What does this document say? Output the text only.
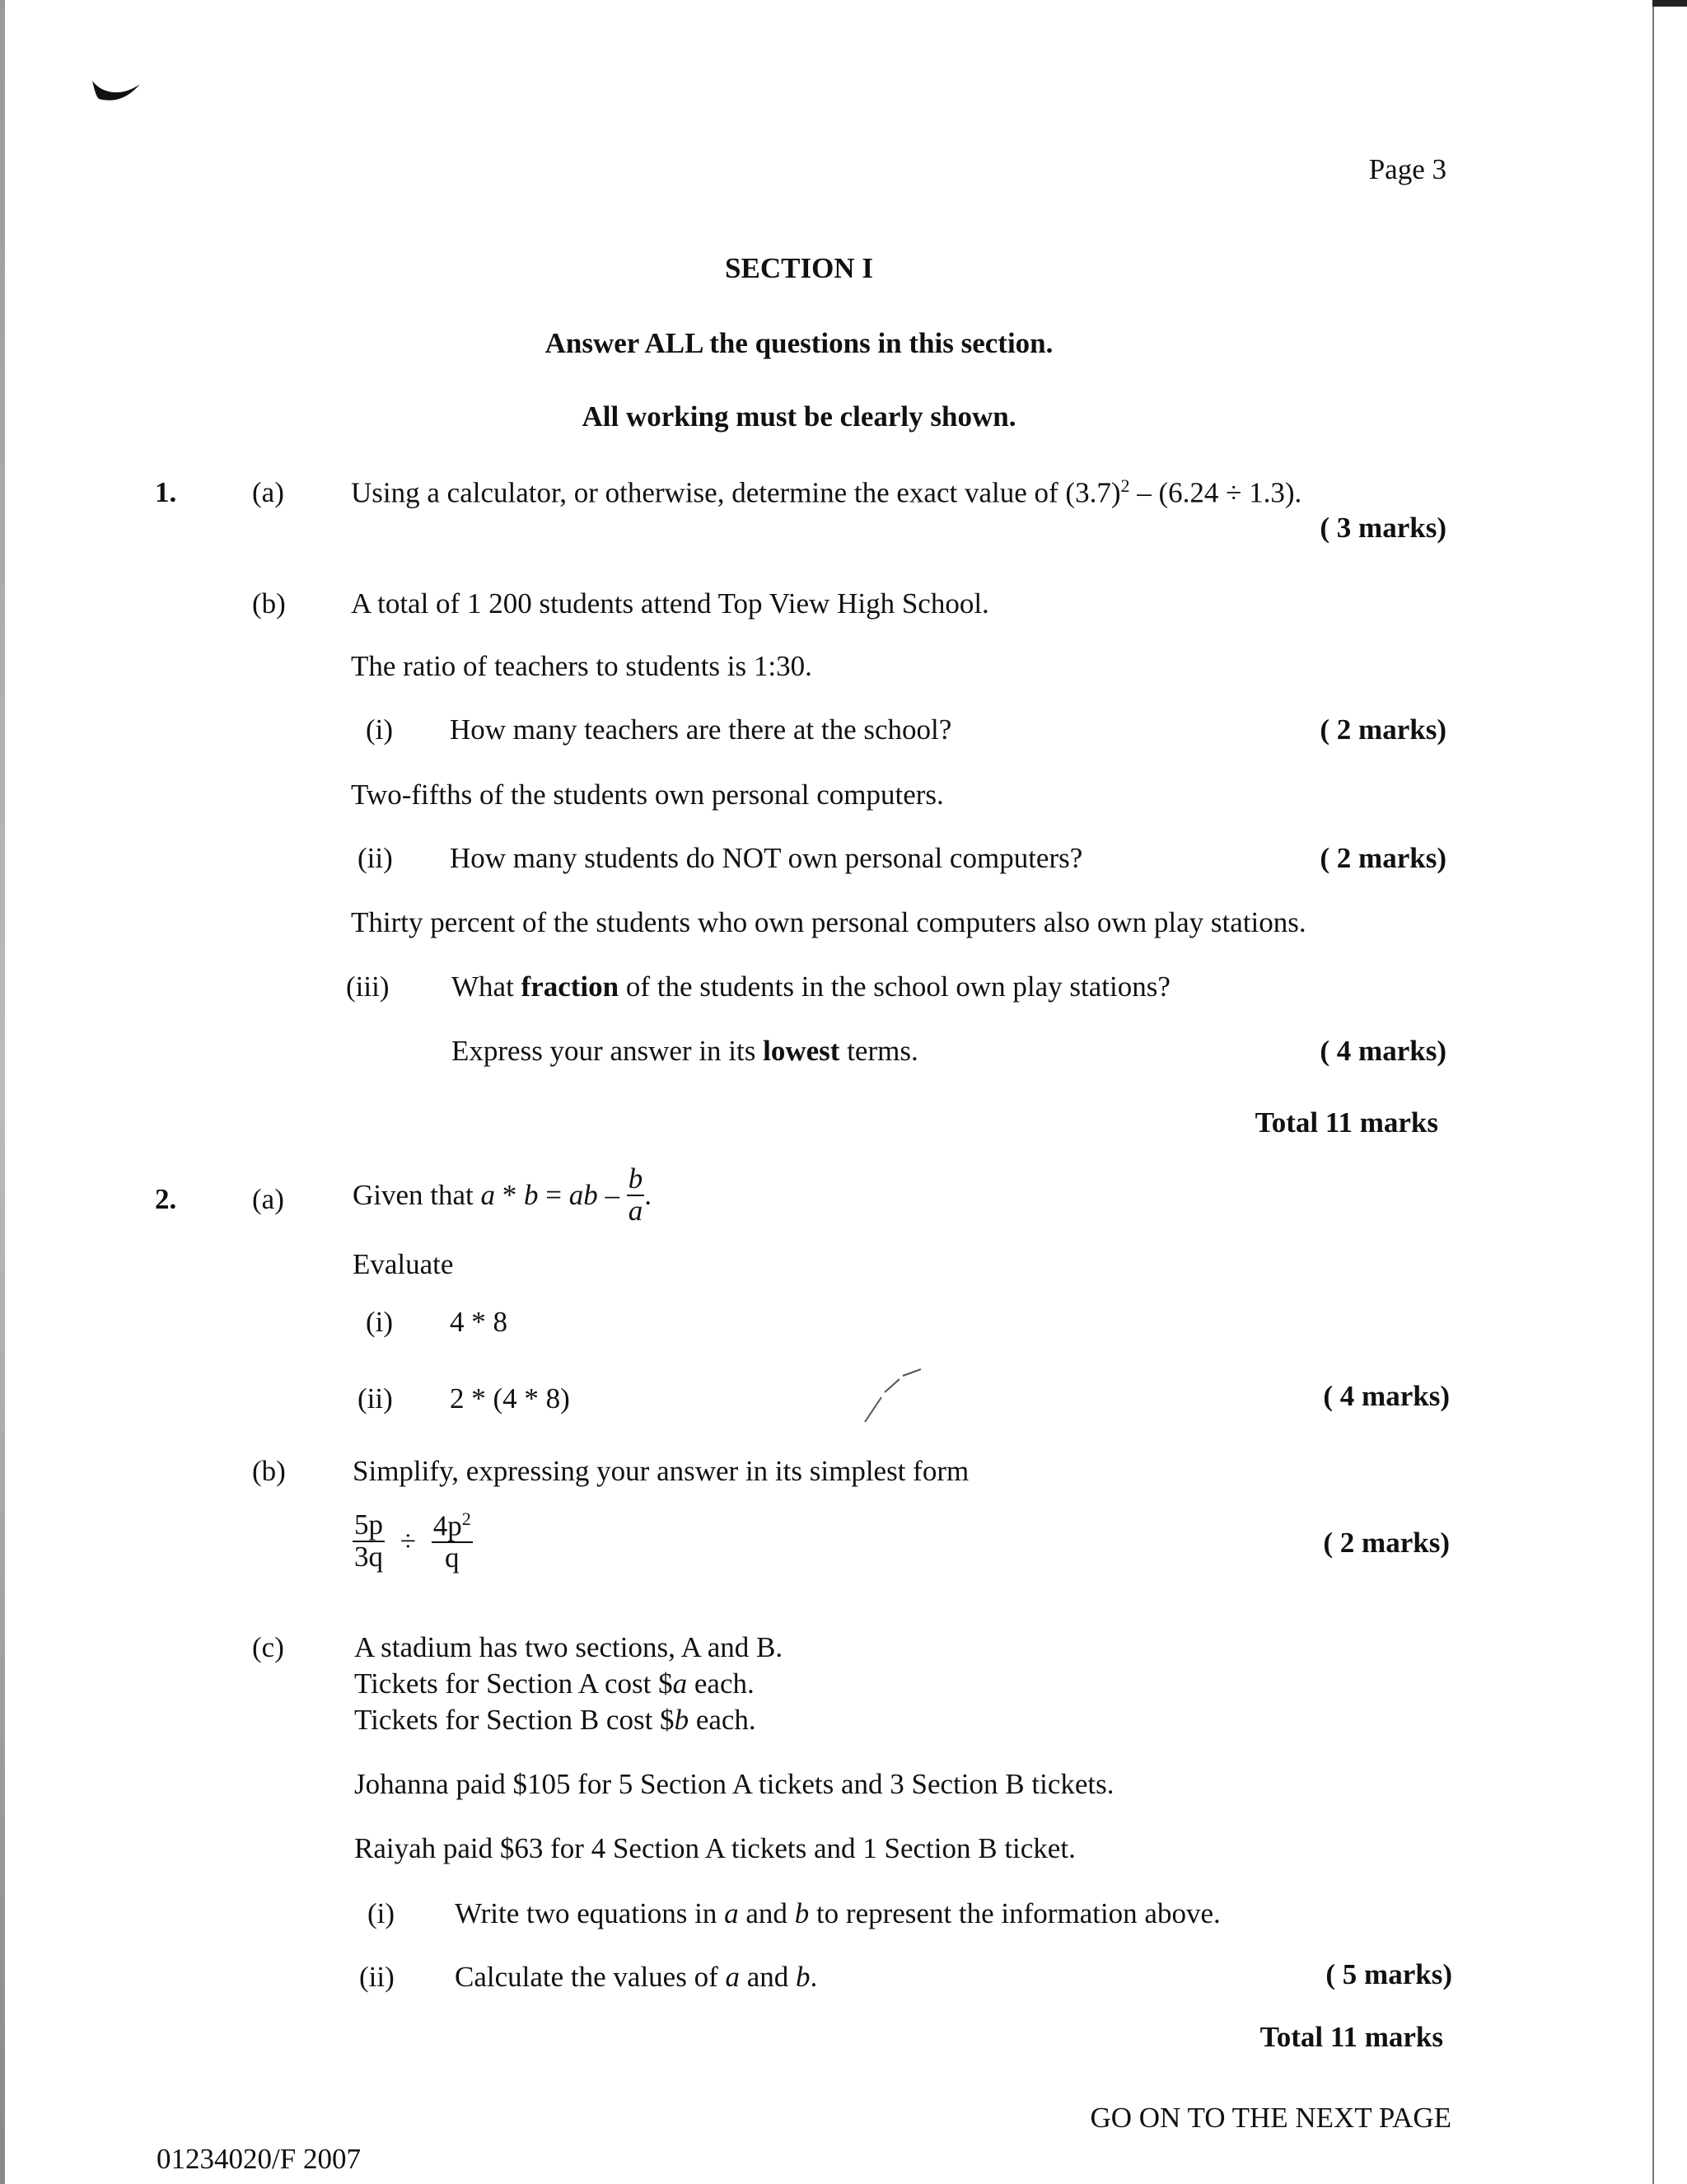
Page 3
SECTION I
Answer ALL the questions in this section.
All working must be clearly shown.
1.	(a) Using a calculator, or otherwise, determine the exact value of $(3.7)^2 - (6.24 \div 1.3)$.
( 3 marks)
(b) A total of 1 200 students attend Top View High School.
The ratio of teachers to students is 1:30.
(i) How many teachers are there at the school?	( 2 marks)
Two-fifths of the students own personal computers.
(ii) How many students do NOT own personal computers?	( 2 marks)
Thirty percent of the students who own personal computers also own play stations.
(iii) What fraction of the students in the school own play stations?
Express your answer in its lowest terms.	( 4 marks)
Total 11 marks
2.	(a) Given that a * b = ab – $\frac{b}{a}$ .
Evaluate
(i) 4 * 8
(ii) 2 * (4 * 8)	( 4 marks)
(b) Simplify, expressing your answer in its simplest form
$\frac{5p}{3q} \div \frac{4p^2}{q}$	( 2 marks)
(c) A stadium has two sections, A and B.
Tickets for Section A cost $a each.
Tickets for Section B cost $b each.
Johanna paid $105 for 5 Section A tickets and 3 Section B tickets.
Raiyah paid $63 for 4 Section A tickets and 1 Section B ticket.
(i) Write two equations in a and b to represent the information above.
(ii) Calculate the values of a and b.	( 5 marks)
Total 11 marks
GO ON TO THE NEXT PAGE
01234020/F 2007
